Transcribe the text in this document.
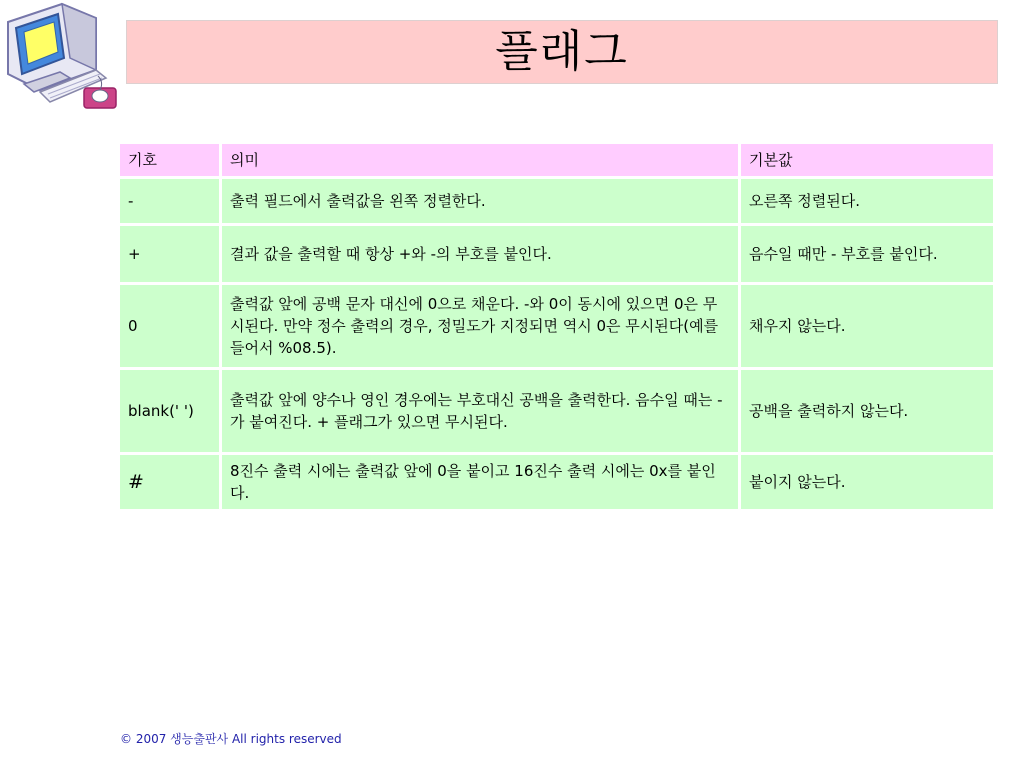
플래그
기호	의미	기본값
-	출력 필드에서 출력값을 왼쪽 정렬한다.	오른쪽 정렬된다.
+	결과 값을 출력할 때 항상 +와 -의 부호를 붙인다.	음수일 때만 - 부호를 붙인다.
0	출력값 앞에 공백 문자 대신에 0으로 채운다. -와 0이 동시에 있으면 0은 무시된다. 만약 정수 출력의 경우, 정밀도가 지정되면 역시 0은 무시된다(예를 들어서 %08.5).	채우지 않는다.
blank(' ')	출력값 앞에 양수나 영인 경우에는 부호대신 공백을 출력한다. 음수일 때는 -가 붙여진다. + 플래그가 있으면 무시된다.	공백을 출력하지 않는다.
#	8진수 출력 시에는 출력값 앞에 0을 붙이고 16진수 출력 시에는 0x를 붙인다.	붙이지 않는다.
© 2007 생능출판사 All rights reserved
